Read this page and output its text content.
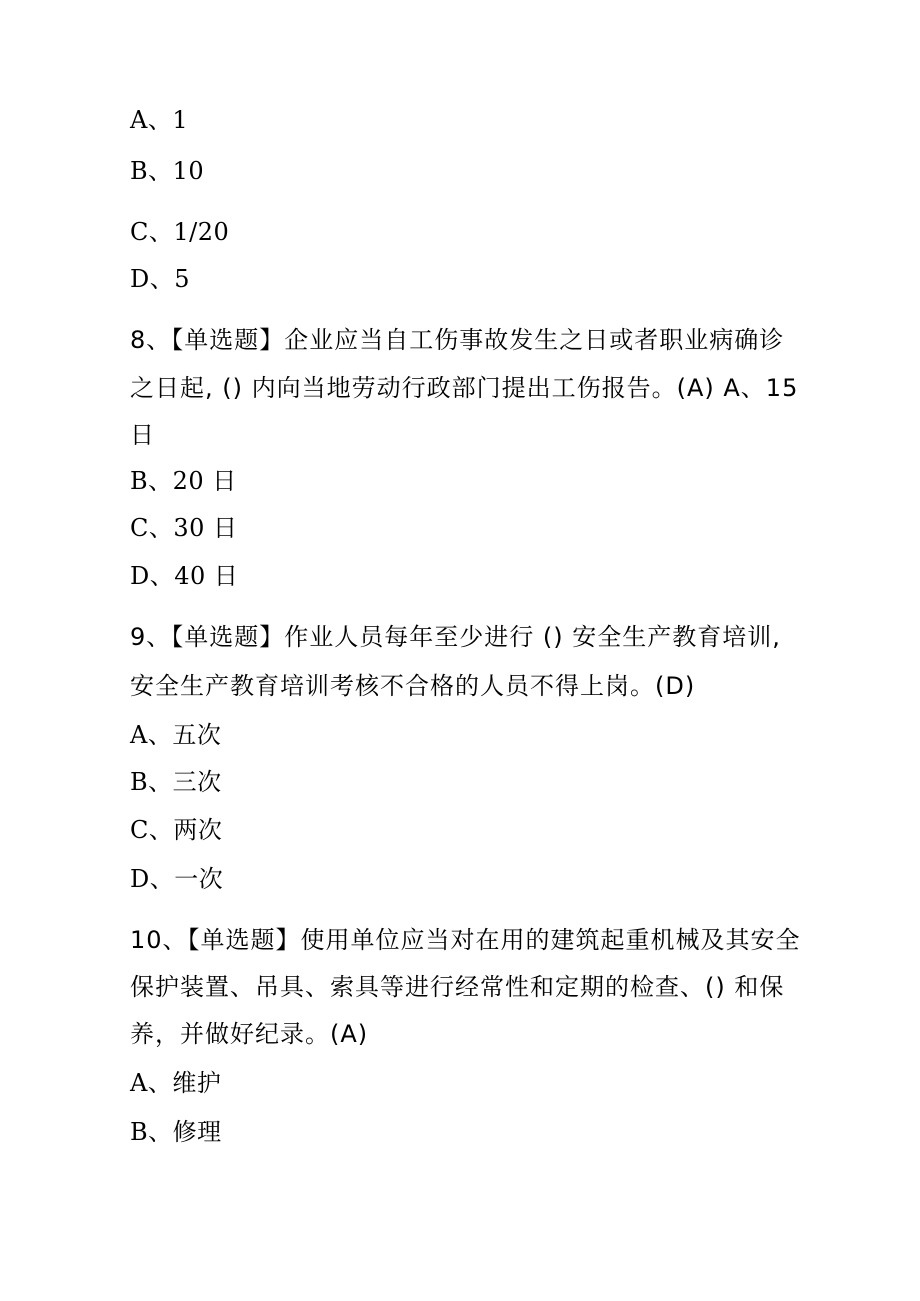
A、1
B、10
C、1/20
D、5
8、【单选题】企业应当自工伤事故发生之日或者职业病确诊
之日起, () 内向当地劳动行政部门提出工伤报告。(A) A、15
日
B、20 日
C、30 日
D、40 日
9、【单选题】作业人员每年至少进行 () 安全生产教育培训,
安全生产教育培训考核不合格的人员不得上岗。(D)
A、五次
B、三次
C、两次
D、一次
10、【单选题】使用单位应当对在用的建筑起重机械及其安全
保护装置、吊具、索具等进行经常性和定期的检查、() 和保
养，并做好纪录。(A)
A、维护
B、修理
